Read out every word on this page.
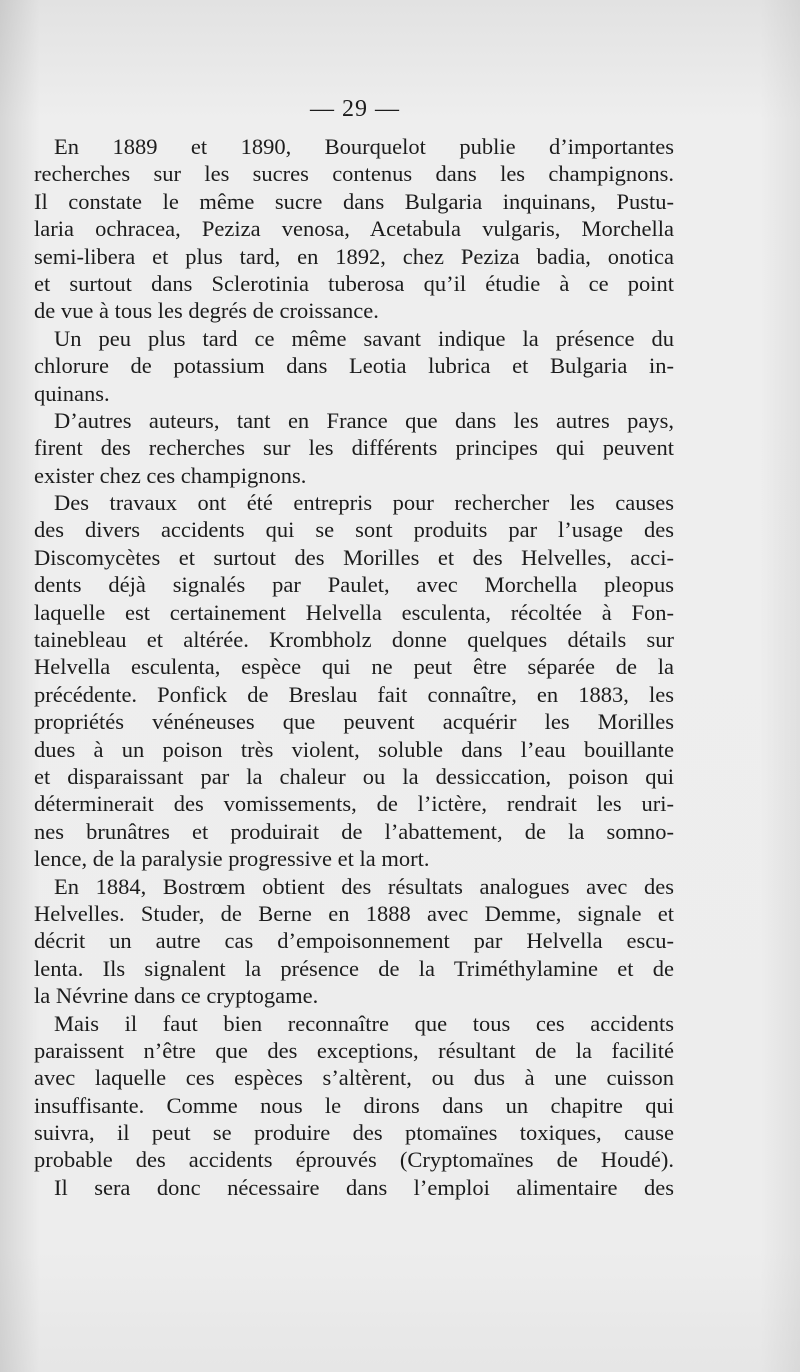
— 29 —
En 1889 et 1890, Bourquelot publie d’importantes
recherches sur les sucres contenus dans les champignons.
Il constate le même sucre dans Bulgaria inquinans, Pustu-
laria ochracea, Peziza venosa, Acetabula vulgaris, Morchella
semi-libera et plus tard, en 1892, chez Peziza badia, onotica
et surtout dans Sclerotinia tuberosa qu’il étudie à ce point
de vue à tous les degrés de croissance.
Un peu plus tard ce même savant indique la présence du
chlorure de potassium dans Leotia lubrica et Bulgaria in-
quinans.
D’autres auteurs, tant en France que dans les autres pays,
firent des recherches sur les différents principes qui peuvent
exister chez ces champignons.
Des travaux ont été entrepris pour rechercher les causes
des divers accidents qui se sont produits par l’usage des
Discomycètes et surtout des Morilles et des Helvelles, acci-
dents déjà signalés par Paulet, avec Morchella pleopus
laquelle est certainement Helvella esculenta, récoltée à Fon-
tainebleau et altérée. Krombholz donne quelques détails sur
Helvella esculenta, espèce qui ne peut être séparée de la
précédente. Ponfick de Breslau fait connaître, en 1883, les
propriétés vénéneuses que peuvent acquérir les Morilles
dues à un poison très violent, soluble dans l’eau bouillante
et disparaissant par la chaleur ou la dessiccation, poison qui
déterminerait des vomissements, de l’ictère, rendrait les uri-
nes brunâtres et produirait de l’abattement, de la somno-
lence, de la paralysie progressive et la mort.
En 1884, Bostrœm obtient des résultats analogues avec des
Helvelles. Studer, de Berne en 1888 avec Demme, signale et
décrit un autre cas d’empoisonnement par Helvella escu-
lenta. Ils signalent la présence de la Triméthylamine et de
la Névrine dans ce cryptogame.
Mais il faut bien reconnaître que tous ces accidents
paraissent n’être que des exceptions, résultant de la facilité
avec laquelle ces espèces s’altèrent, ou dus à une cuisson
insuffisante. Comme nous le dirons dans un chapitre qui
suivra, il peut se produire des ptomaïnes toxiques, cause
probable des accidents éprouvés (Cryptomaïnes de Houdé).
Il sera donc nécessaire dans l’emploi alimentaire des
